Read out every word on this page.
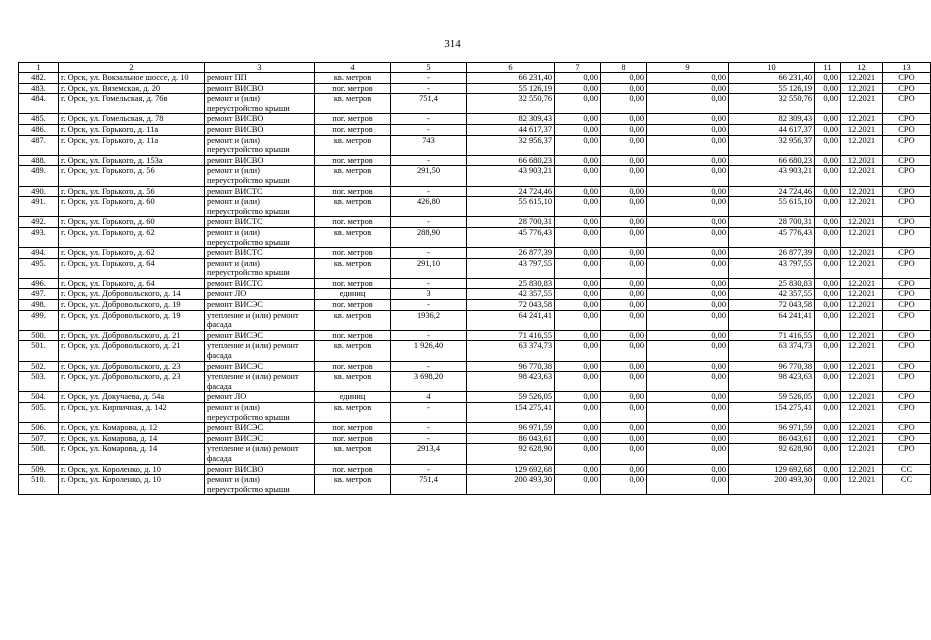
314
1	2	3	4	5	6	7	8	9	10	11	12	13
482.	г. Орск, ул. Вокзальное шоссе, д. 10	ремонт ПП	кв. метров	-	66 231,40	0,00	0,00	0,00	66 231,40	0,00	12.2021	СРО
483.	г. Орск, ул. Вяземская, д. 20	ремонт ВИСВО	пог. метров	-	55 126,19	0,00	0,00	0,00	55 126,19	0,00	12.2021	СРО
484.	г. Орск, ул. Гомельская, д. 76в	ремонт и (или) переустройство крыши	кв. метров	751,4	32 550,76	0,00	0,00	0,00	32 550,76	0,00	12.2021	СРО
485.	г. Орск, ул. Гомельская, д. 78	ремонт ВИСВО	пог. метров	-	82 309,43	0,00	0,00	0,00	82 309,43	0,00	12.2021	СРО
486.	г. Орск, ул. Горького, д. 11а	ремонт ВИСВО	пог. метров	-	44 617,37	0,00	0,00	0,00	44 617,37	0,00	12.2021	СРО
487.	г. Орск, ул. Горького, д. 11а	ремонт и (или) переустройство крыши	кв. метров	743	32 956,37	0,00	0,00	0,00	32 956,37	0,00	12.2021	СРО
488.	г. Орск, ул. Горького, д. 153а	ремонт ВИСВО	пог. метров	-	66 680,23	0,00	0,00	0,00	66 680,23	0,00	12.2021	СРО
489.	г. Орск, ул. Горького, д. 56	ремонт и (или) переустройство крыши	кв. метров	291,50	43 903,21	0,00	0,00	0,00	43 903,21	0,00	12.2021	СРО
490.	г. Орск, ул. Горького, д. 56	ремонт ВИСТС	пог. метров	-	24 724,46	0,00	0,00	0,00	24 724,46	0,00	12.2021	СРО
491.	г. Орск, ул. Горького, д. 60	ремонт и (или) переустройство крыши	кв. метров	426,80	55 615,10	0,00	0,00	0,00	55 615,10	0,00	12.2021	СРО
492.	г. Орск, ул. Горького, д. 60	ремонт ВИСТС	пог. метров	-	28 700,31	0,00	0,00	0,00	28 700,31	0,00	12.2021	СРО
493.	г. Орск, ул. Горького, д. 62	ремонт и (или) переустройство крыши	кв. метров	288,90	45 776,43	0,00	0,00	0,00	45 776,43	0,00	12.2021	СРО
494.	г. Орск, ул. Горького, д. 62	ремонт ВИСТС	пог. метров	-	26 877,39	0,00	0,00	0,00	26 877,39	0,00	12.2021	СРО
495.	г. Орск, ул. Горького, д. 64	ремонт и (или) переустройство крыши	кв. метров	291,10	43 797,55	0,00	0,00	0,00	43 797,55	0,00	12.2021	СРО
496.	г. Орск, ул. Горького, д. 64	ремонт ВИСТС	пог. метров	-	25 830,83	0,00	0,00	0,00	25 830,83	0,00	12.2021	СРО
497.	г. Орск, ул. Добровольского, д. 14	ремонт ЛО	единиц	3	42 357,55	0,00	0,00	0,00	42 357,55	0,00	12.2021	СРО
498.	г. Орск, ул. Добровольского, д. 19	ремонт ВИСЭС	пог. метров	-	72 043,58	0,00	0,00	0,00	72 043,58	0,00	12.2021	СРО
499.	г. Орск, ул. Добровольского, д. 19	утепление и (или) ремонт фасада	кв. метров	1936,2	64 241,41	0,00	0,00	0,00	64 241,41	0,00	12.2021	СРО
500.	г. Орск, ул. Добровольского, д. 21	ремонт ВИСЭС	пог. метров	-	71 416,55	0,00	0,00	0,00	71 416,55	0,00	12.2021	СРО
501.	г. Орск, ул. Добровольского, д. 21	утепление и (или) ремонт фасада	кв. метров	1 926,40	63 374,73	0,00	0,00	0,00	63 374,73	0,00	12.2021	СРО
502.	г. Орск, ул. Добровольского, д. 23	ремонт ВИСЭС	пог. метров	-	96 770,38	0,00	0,00	0,00	96 770,38	0,00	12.2021	СРО
503.	г. Орск, ул. Добровольского, д. 23	утепление и (или) ремонт фасада	кв. метров	3 698,20	98 423,63	0,00	0,00	0,00	98 423,63	0,00	12.2021	СРО
504.	г. Орск, ул. Докучаева, д. 54а	ремонт ЛО	единиц	4	59 526,05	0,00	0,00	0,00	59 526,05	0,00	12.2021	СРО
505.	г. Орск, ул. Кирпичная, д. 142	ремонт и (или) переустройство крыши	кв. метров	-	154 275,41	0,00	0,00	0,00	154 275,41	0,00	12.2021	СРО
506.	г. Орск, ул. Комарова, д. 12	ремонт ВИСЭС	пог. метров	-	96 971,59	0,00	0,00	0,00	96 971,59	0,00	12.2021	СРО
507.	г. Орск, ул. Комарова, д. 14	ремонт ВИСЭС	пог. метров	-	86 043,61	0,00	0,00	0,00	86 043,61	0,00	12.2021	СРО
508.	г. Орск, ул. Комарова, д. 14	утепление и (или) ремонт фасада	кв. метров	2913,4	92 628,90	0,00	0,00	0,00	92 628,90	0,00	12.2021	СРО
509.	г. Орск, ул. Короленко, д. 10	ремонт ВИСВО	пог. метров	-	129 692,68	0,00	0,00	0,00	129 692,68	0,00	12.2021	СС
510.	г. Орск, ул. Короленко, д. 10	ремонт и (или) переустройство крыши	кв. метров	751,4	200 493,30	0,00	0,00	0,00	200 493,30	0,00	12.2021	СС
